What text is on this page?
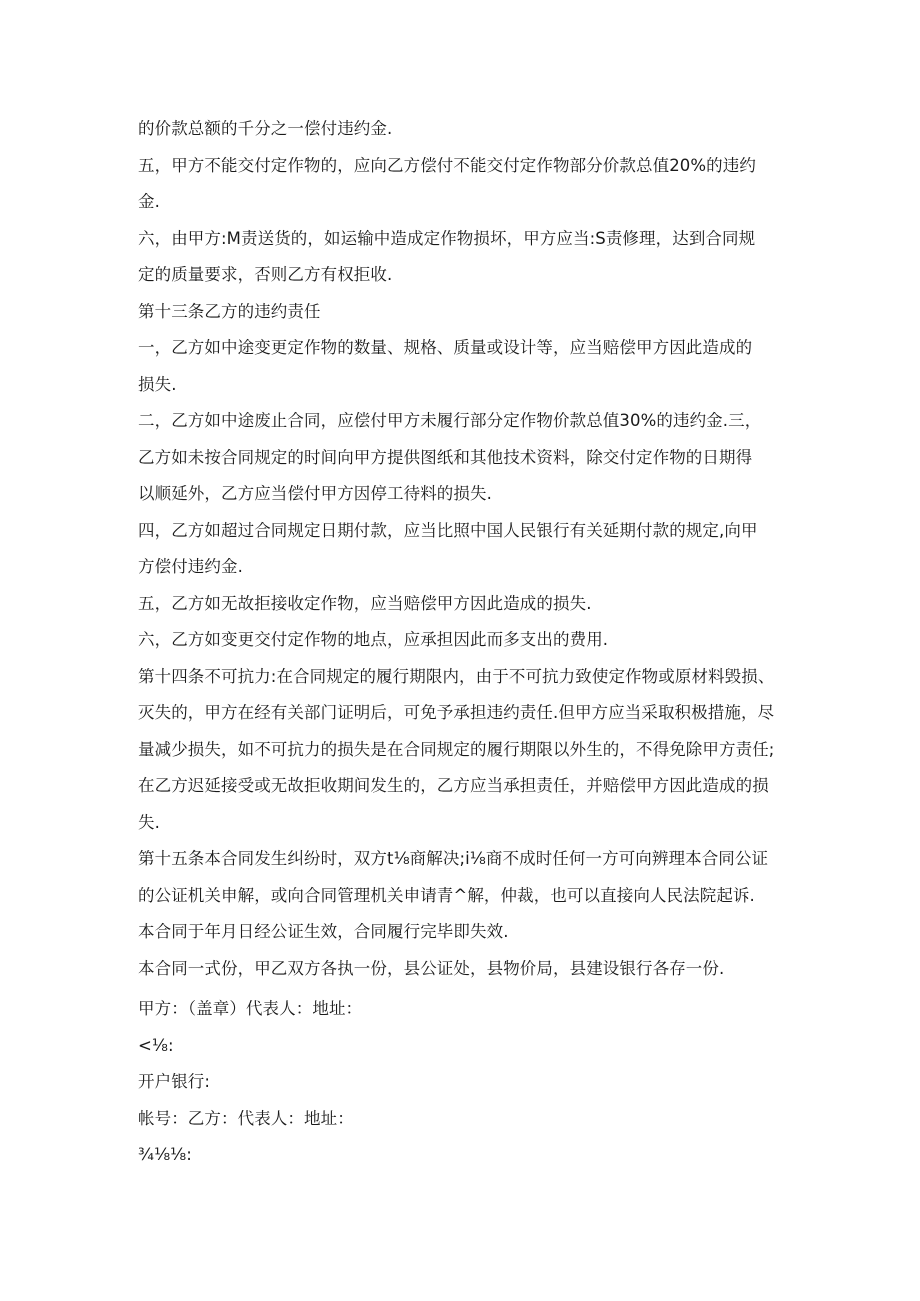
的价款总额的千分之一偿付违约金.
五，甲方不能交付定作物的，应向乙方偿付不能交付定作物部分价款总值20%的违约
金.
六，由甲方:M责送货的，如运输中造成定作物损坏，甲方应当:S责修理，达到合同规
定的质量要求，否则乙方有权拒收.
第十三条乙方的违约责任
一，乙方如中途变更定作物的数量、规格、质量或设计等，应当赔偿甲方因此造成的
损失.
二，乙方如中途废止合同，应偿付甲方未履行部分定作物价款总值30%的违约金.三，
乙方如未按合同规定的时间向甲方提供图纸和其他技术资料，除交付定作物的日期得
以顺延外，乙方应当偿付甲方因停工待料的损失.
四，乙方如超过合同规定日期付款，应当比照中国人民银行有关延期付款的规定,向甲
方偿付违约金.
五，乙方如无故拒接收定作物，应当赔偿甲方因此造成的损失.
六，乙方如变更交付定作物的地点，应承担因此而多支出的费用.
第十四条不可抗力:在合同规定的履行期限内，由于不可抗力致使定作物或原材料毁损、
灭失的，甲方在经有关部门证明后，可免予承担违约责任.但甲方应当采取积极措施，尽
量减少损失，如不可抗力的损失是在合同规定的履行期限以外生的，不得免除甲方责任;
在乙方迟延接受或无故拒收期间发生的，乙方应当承担责任，并赔偿甲方因此造成的损
失.
第十五条本合同发生纠纷时，双方t⅛商解决;i⅛商不成时任何一方可向辨理本合同公证
的公证机关申解，或向合同管理机关申请青^解，仲裁，也可以直接向人民法院起诉.
本合同于年月日经公证生效，合同履行完毕即失效.
本合同一式份，甲乙双方各执一份，县公证处，县物价局，县建设银行各存一份.
甲方：（盖章）代表人：地址：
<⅛:
开户银行:
帐号：乙方：代表人：地址：
¾⅛⅛:
